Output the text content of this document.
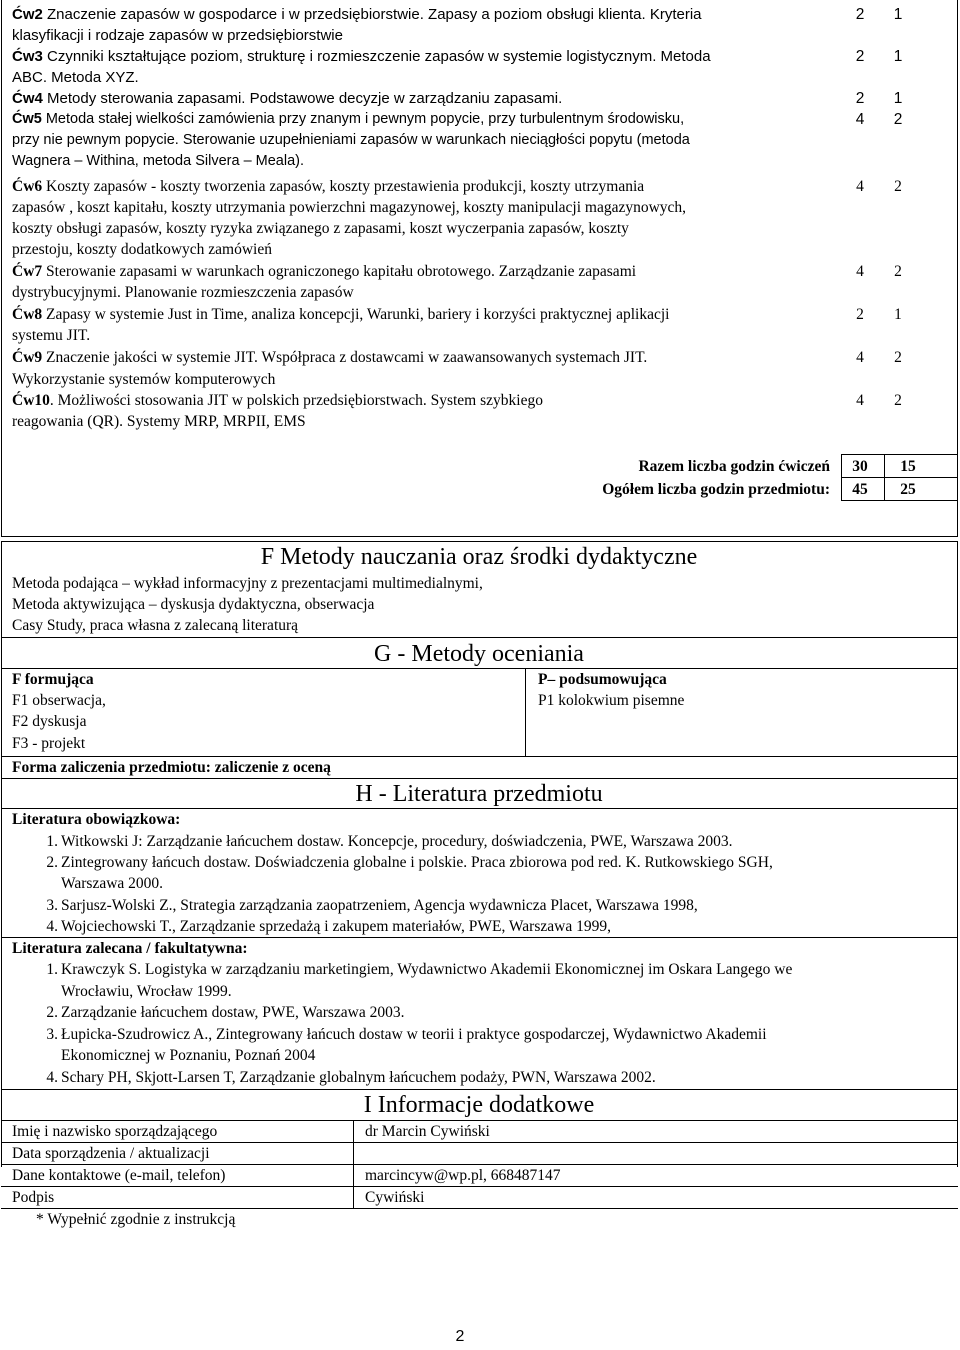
Ćw2 Znaczenie zapasów w gospodarce i w przedsiębiorstwie. Zapasy a poziom obsługi klienta. Kryteria
klasyfikacji i rodzaje zapasów w przedsiębiorstwie
2	1
Ćw3 Czynniki kształtujące poziom, strukturę i rozmieszczenie zapasów w systemie logistycznym. Metoda
ABC. Metoda XYZ.
2	1
Ćw4 Metody sterowania zapasami. Podstawowe decyzje w zarządzaniu zapasami.	2	1
Ćw5 Metoda stałej wielkości zamówienia przy znanym i pewnym popycie, przy turbulentnym środowisku,
przy nie pewnym popycie. Sterowanie uzupełnieniami zapasów w warunkach nieciągłości popytu (metoda
Wagnera – Withina, metoda Silvera – Meala).
4	2
Ćw6 Koszty zapasów - koszty tworzenia zapasów, koszty przestawienia produkcji, koszty utrzymania
zapasów , koszt kapitału, koszty utrzymania powierzchni magazynowej, koszty manipulacji magazynowych,
koszty obsługi zapasów, koszty ryzyka związanego z zapasami, koszt wyczerpania zapasów, koszty
przestoju, koszty dodatkowych zamówień
4	2
Ćw7 Sterowanie zapasami w warunkach ograniczonego kapitału obrotowego. Zarządzanie zapasami
dystrybucyjnymi. Planowanie rozmieszczenia zapasów
4	2
Ćw8 Zapasy w systemie Just in Time, analiza koncepcji, Warunki, bariery i korzyści praktycznej aplikacji
systemu JIT.
2	1
Ćw9 Znaczenie jakości w systemie JIT. Współpraca z dostawcami w zaawansowanych systemach JIT.
Wykorzystanie systemów komputerowych
4	2
Ćw10. Możliwości stosowania JIT w polskich przedsiębiorstwach. System szybkiego
reagowania (QR). Systemy MRP, MRPII, EMS
4	2
Razem liczba godzin ćwiczeń	30	15
Ogółem liczba godzin przedmiotu:	45	25
F Metody nauczania oraz środki dydaktyczne
Metoda podająca – wykład informacyjny z prezentacjami multimedialnymi,
Metoda aktywizująca – dyskusja dydaktyczna, obserwacja
Casy Study, praca własna z zalecaną literaturą
G - Metody oceniania
F formująca
F1 obserwacja,
F2 dyskusja
F3 - projekt
P– podsumowująca
P1 kolokwium pisemne
Forma zaliczenia przedmiotu: zaliczenie z oceną
H - Literatura przedmiotu
Literatura obowiązkowa:
1. Witkowski J: Zarządzanie łańcuchem dostaw. Koncepcje, procedury, doświadczenia, PWE, Warszawa 2003.
2. Zintegrowany łańcuch dostaw. Doświadczenia globalne i polskie. Praca zbiorowa pod red. K. Rutkowskiego SGH,
Warszawa 2000.
3. Sarjusz-Wolski Z., Strategia zarządzania zaopatrzeniem, Agencja wydawnicza Placet, Warszawa 1998,
4. Wojciechowski T., Zarządzanie sprzedażą i zakupem materiałów, PWE, Warszawa 1999,
Literatura zalecana / fakultatywna:
1. Krawczyk S. Logistyka w zarządzaniu marketingiem, Wydawnictwo Akademii Ekonomicznej im Oskara Langego we
Wrocławiu, Wrocław 1999.
2. Zarządzanie łańcuchem dostaw, PWE, Warszawa 2003.
3. Łupicka-Szudrowicz A., Zintegrowany łańcuch dostaw w teorii i praktyce gospodarczej, Wydawnictwo Akademii
Ekonomicznej w Poznaniu, Poznań 2004
4. Schary PH, Skjott-Larsen T, Zarządzanie globalnym łańcuchem podaży, PWN, Warszawa 2002.
I Informacje dodatkowe
Imię i nazwisko sporządzającego	dr Marcin Cywiński
Data sporządzenia / aktualizacji
Dane kontaktowe (e-mail, telefon)	marcincyw@wp.pl, 668487147
Podpis	Cywiński
* Wypełnić zgodnie z instrukcją
2
